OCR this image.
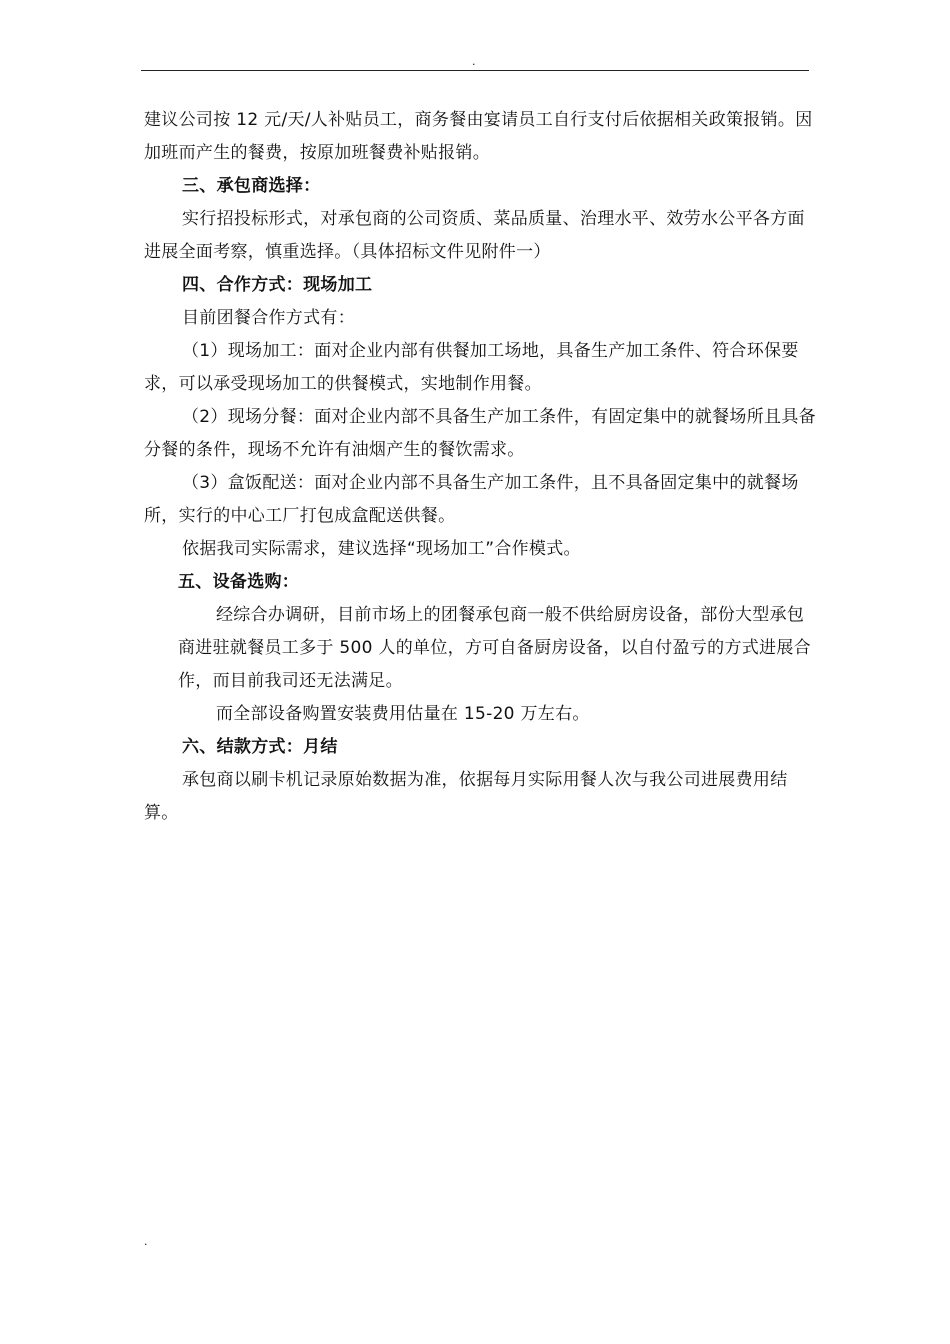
.

建议公司按 12 元/天/人补贴员工，商务餐由宴请员工自行支付后依据相关政策报销。因加班而产生的餐费，按原加班餐费补贴报销。

三、承包商选择：

实行招投标形式，对承包商的公司资质、菜品质量、治理水平、效劳水公平各方面进展全面考察，慎重选择。（具体招标文件见附件一）

四、合作方式：现场加工

目前团餐合作方式有：

（1）现场加工：面对企业内部有供餐加工场地，具备生产加工条件、符合环保要求，可以承受现场加工的供餐模式，实地制作用餐。

（2）现场分餐：面对企业内部不具备生产加工条件，有固定集中的就餐场所且具备分餐的条件，现场不允许有油烟产生的餐饮需求。

（3）盒饭配送：面对企业内部不具备生产加工条件，且不具备固定集中的就餐场所，实行的中心工厂打包成盒配送供餐。

依据我司实际需求，建议选择“现场加工”合作模式。

五、设备选购：

经综合办调研，目前市场上的团餐承包商一般不供给厨房设备，部份大型承包商进驻就餐员工多于 500 人的单位，方可自备厨房设备，以自付盈亏的方式进展合作，而目前我司还无法满足。

而全部设备购置安装费用估量在 15-20 万左右。

六、结款方式：月结

承包商以刷卡机记录原始数据为准，依据每月实际用餐人次与我公司进展费用结算。

.
